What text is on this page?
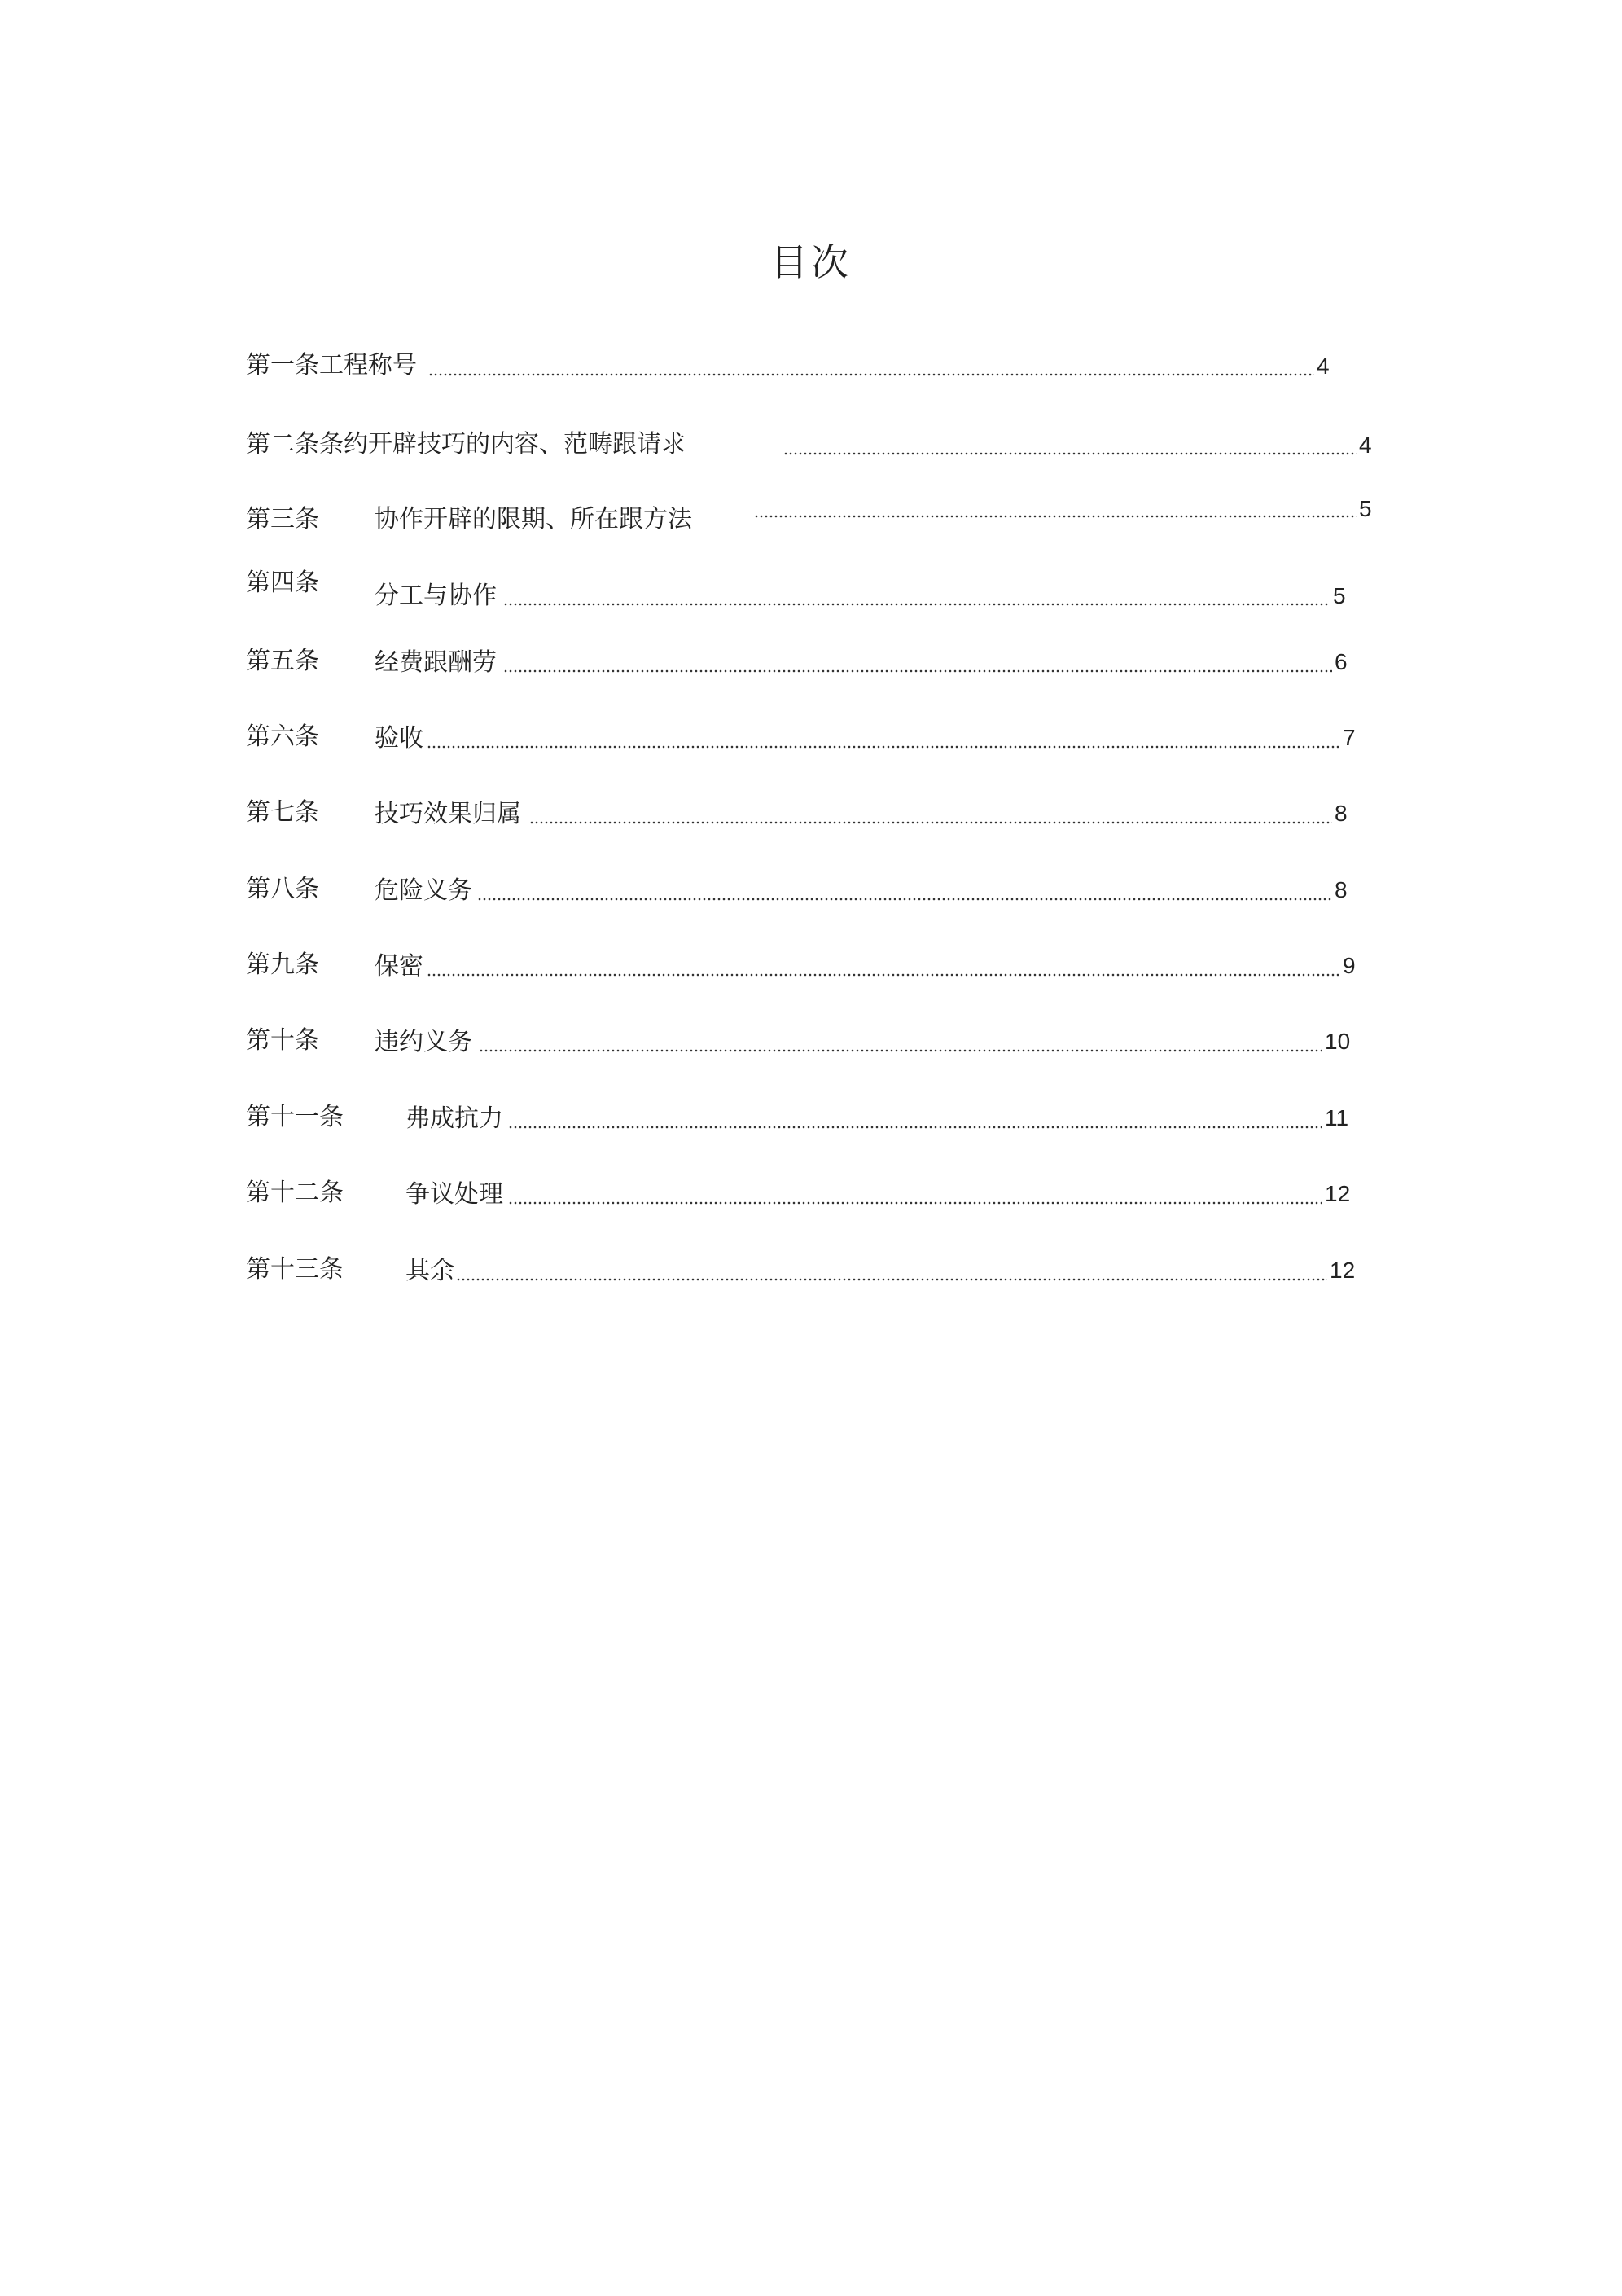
目次
第一条工程称号	4
第二条条约开辟技巧的内容、范畴跟请求	4
第三条 协作开辟的限期、所在跟方法	5
第四条 分工与协作	5
第五条 经费跟酬劳	6
第六条 验收	7
第七条 技巧效果归属	8
第八条 危险义务	8
第九条 保密	9
第十条 违约义务	10
第十一条	弗成抗力	11
第十二条	争议处理	12
第十三条	其余	12
